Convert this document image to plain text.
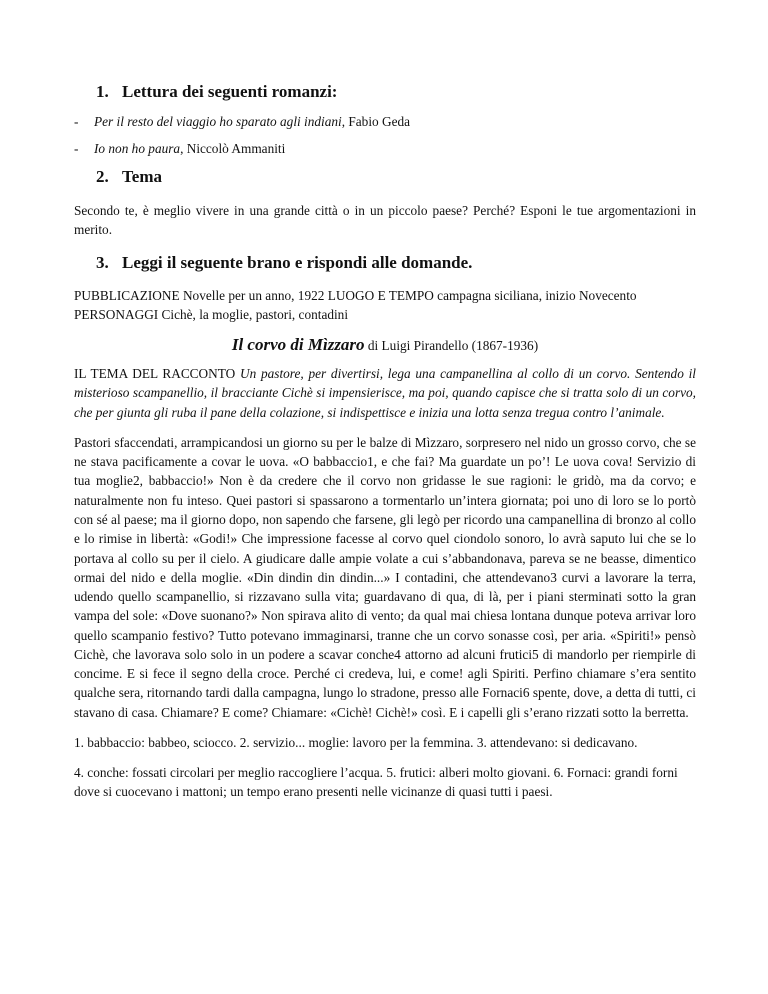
1. Lettura dei seguenti romanzi:
-	Per il resto del viaggio ho sparato agli indiani, Fabio Geda
-	Io non ho paura, Niccolò Ammaniti
2. Tema

Secondo te, è meglio vivere in una grande città o in un piccolo paese? Perché? Esponi le tue argomentazioni in merito.

3. Leggi il seguente brano e rispondi alle domande.

PUBBLICAZIONE Novelle per un anno, 1922 LUOGO E TEMPO campagna siciliana, inizio Novecento PERSONAGGI Cichè, la moglie, pastori, contadini

Il corvo di Mìzzaro di Luigi Pirandello (1867-1936)

IL TEMA DEL RACCONTO Un pastore, per divertirsi, lega una campanellina al collo di un corvo. Sentendo il misterioso scampanellio, il bracciante Cichè si impensierisce, ma poi, quando capisce che si tratta solo di un corvo, che per giunta gli ruba il pane della colazione, si indispettisce e inizia una lotta senza tregua contro l’animale.

Pastori sfaccendati, arrampicandosi un giorno su per le balze di Mìzzaro, sorpresero nel nido un grosso corvo, che se ne stava pacificamente a covar le uova. «O babbaccio1, e che fai? Ma guardate un po’! Le uova cova! Servizio di tua moglie2, babbaccio!» Non è da credere che il corvo non gridasse le sue ragioni: le gridò, ma da corvo; e naturalmente non fu inteso. Quei pastori si spassarono a tormentarlo un’intera giornata; poi uno di loro se lo portò con sé al paese; ma il giorno dopo, non sapendo che farsene, gli legò per ricordo una campanellina di bronzo al collo e lo rimise in libertà: «Godi!» Che impressione facesse al corvo quel ciondolo sonoro, lo avrà saputo lui che se lo portava al collo su per il cielo. A giudicare dalle ampie volate a cui s’abbandonava, pareva se ne beasse, dimentico ormai del nido e della moglie. «Din dindin din dindin...» I contadini, che attendevano3 curvi a lavorare la terra, udendo quello scampanellio, si rizzavano sulla vita; guardavano di qua, di là, per i piani sterminati sotto la gran vampa del sole: «Dove suonano?» Non spirava alito di vento; da qual mai chiesa lontana dunque poteva arrivar loro quello scampanio festivo? Tutto potevano immaginarsi, tranne che un corvo sonasse così, per aria. «Spiriti!» pensò Cichè, che lavorava solo solo in un podere a scavar conche4 attorno ad alcuni frutici5 di mandorlo per riempirle di concime. E si fece il segno della croce. Perché ci credeva, lui, e come! agli Spiriti. Perfino chiamare s’era sentito qualche sera, ritornando tardi dalla campagna, lungo lo stradone, presso alle Fornaci6 spente, dove, a detta di tutti, ci stavano di casa. Chiamare? E come? Chiamare: «Cichè! Cichè!» così. E i capelli gli s’erano rizzati sotto la berretta.

1. babbaccio: babbeo, sciocco. 2. servizio... moglie: lavoro per la femmina. 3. attendevano: si dedicavano.

4. conche: fossati circolari per meglio raccogliere l’acqua. 5. frutici: alberi molto giovani. 6. Fornaci: grandi forni dove si cuocevano i mattoni; un tempo erano presenti nelle vicinanze di quasi tutti i paesi.
